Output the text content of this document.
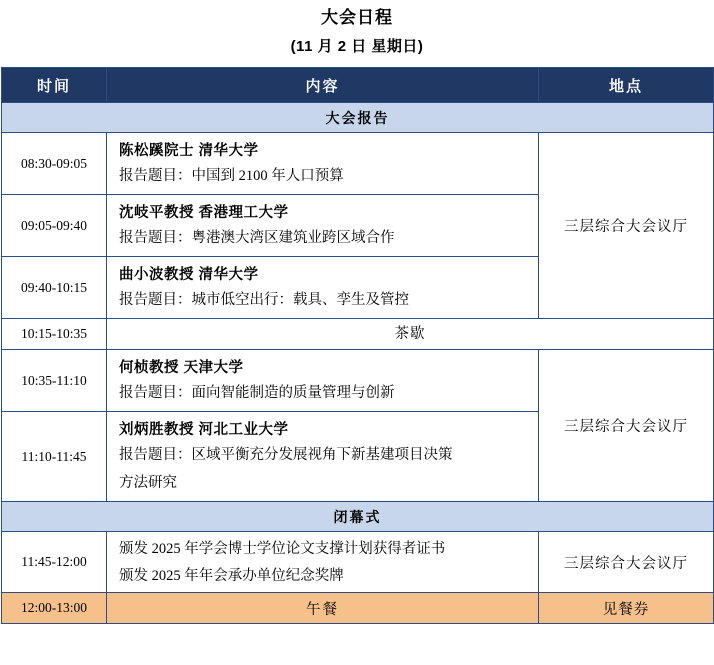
大会日程
(11 月 2 日 星期日)
时间	内容	地点
大会报告		
08:30-09:05	陈松蹊院士 清华大学
报告题目：中国到 2100 年人口预算	三层综合大会议厅
09:05-09:40	沈岐平教授 香港理工大学
报告题目：粤港澳大湾区建筑业跨区域合作	

09:40-10:15	曲小波教授 清华大学
报告题目：城市低空出行：载具、孪生及管控	

10:15-10:35	茶歇	
10:35-11:10	何桢教授 天津大学
报告题目：面向智能制造的质量管理与创新	三层综合大会议厅
11:10-11:45	刘炳胜教授 河北工业大学
报告题目：区域平衡充分发展视角下新基建项目决策
方法研究	

闭幕式		
11:45-12:00	颁发 2025 年学会博士学位论文支撑计划获得者证书
颁发 2025 年年会承办单位纪念奖牌	三层综合大会议厅
12:00-13:00	午餐	见餐券
